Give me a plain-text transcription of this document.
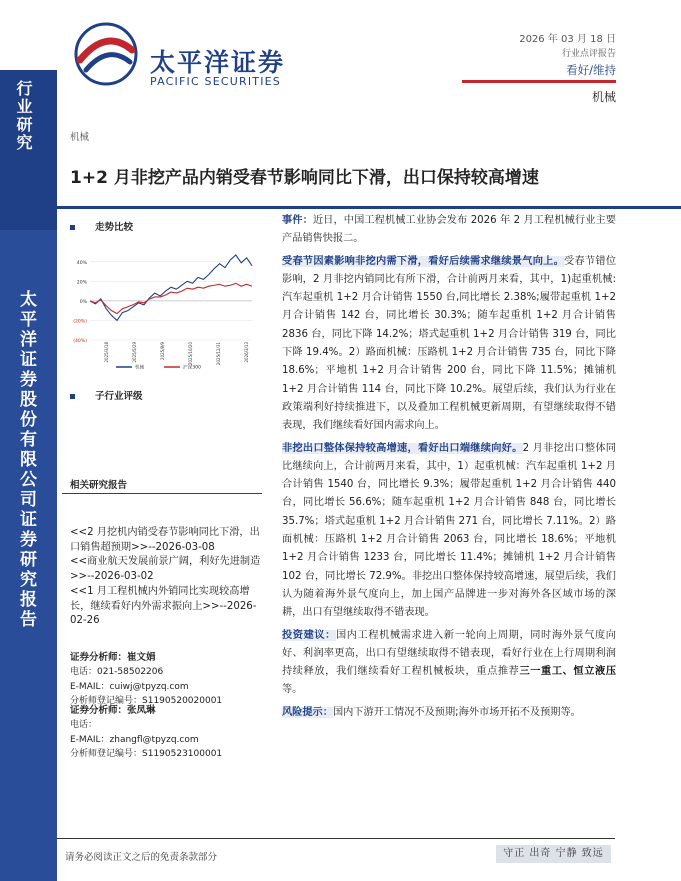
行业研究
太平洋证券股份有限公司证券研究报告
太平洋证券
PACIFIC SECURITIES
2026 年 03 月 18 日
行业点评报告
看好/维持
机械
机械
1+2 月非挖产品内销受春节影响同比下滑，出口保持较高增速
走势比较
40%
20%
0%
(20%)
(40%)
2025/3/18	2025/5/29	2025/8/9	2025/10/20	2025/12/31	2026/3/13
机械	沪深300
子行业评级
相关研究报告
<<2 月挖机内销受春节影响同比下滑，出口销售超预期>>--2026-03-08
<<商业航天发展前景广阔，利好先进制造>>--2026-03-02
<<1 月工程机械内外销同比实现较高增长，继续看好内外需求振向上>>--2026-02-26
证券分析师：崔文娟
电话：021-58502206
E-MAIL：cuiwj@tpyzq.com
分析师登记编号：S1190520020001
证券分析师：张凤琳
电话：
E-MAIL：zhangfl@tpyzq.com
分析师登记编号：S1190523100001

事件：近日，中国工程机械工业协会发布 2026 年 2 月工程机械行业主要产品销售快报二。

受春节因素影响非挖内需下滑，看好后续需求继续景气向上。受春节错位影响，2 月非挖内销同比有所下滑，合计前两月来看，其中，1)起重机械:汽车起重机 1+2 月合计销售 1550 台,同比增长 2.38%;履带起重机 1+2 月合计销售 142 台，同比增长 30.3%；随车起重机 1+2 月合计销售 2836 台，同比下降 14.2%；塔式起重机 1+2 月合计销售 319 台，同比下降 19.4%。2）路面机械：压路机 1+2 月合计销售 735 台，同比下降 18.6%；平地机 1+2 月合计销售 200 台，同比下降 11.5%；摊铺机 1+2 月合计销售 114 台，同比下降 10.2%。展望后续，我们认为行业在政策端利好持续推进下，以及叠加工程机械更新周期，有望继续取得不错表现，我们继续看好国内需求向上。

非挖出口整体保持较高增速，看好出口端继续向好。2 月非挖出口整体同比继续向上，合计前两月来看，其中，1）起重机械：汽车起重机 1+2 月合计销售 1540 台，同比增长 9.3%；履带起重机 1+2 月合计销售 440 台，同比增长 56.6%；随车起重机 1+2 月合计销售 848 台，同比增长 35.7%；塔式起重机 1+2 月合计销售 271 台，同比增长 7.11%。2）路面机械：压路机 1+2 月合计销售 2063 台，同比增长 18.6%；平地机 1+2 月合计销售 1233 台，同比增长 11.4%；摊铺机 1+2 月合计销售 102 台，同比增长 72.9%。非挖出口整体保持较高增速，展望后续，我们认为随着海外景气度向上，加上国产品牌进一步对海外各区域市场的深耕，出口有望继续取得不错表现。

投资建议：国内工程机械需求进入新一轮向上周期，同时海外景气度向好、利润率更高，出口有望继续取得不错表现，看好行业在上行周期利润持续释放，我们继续看好工程机械板块，重点推荐三一重工、恒立液压等。

风险提示：国内下游开工情况不及预期;海外市场开拓不及预期等。

请务必阅读正文之后的免责条款部分	守正 出奇 宁静 致远
